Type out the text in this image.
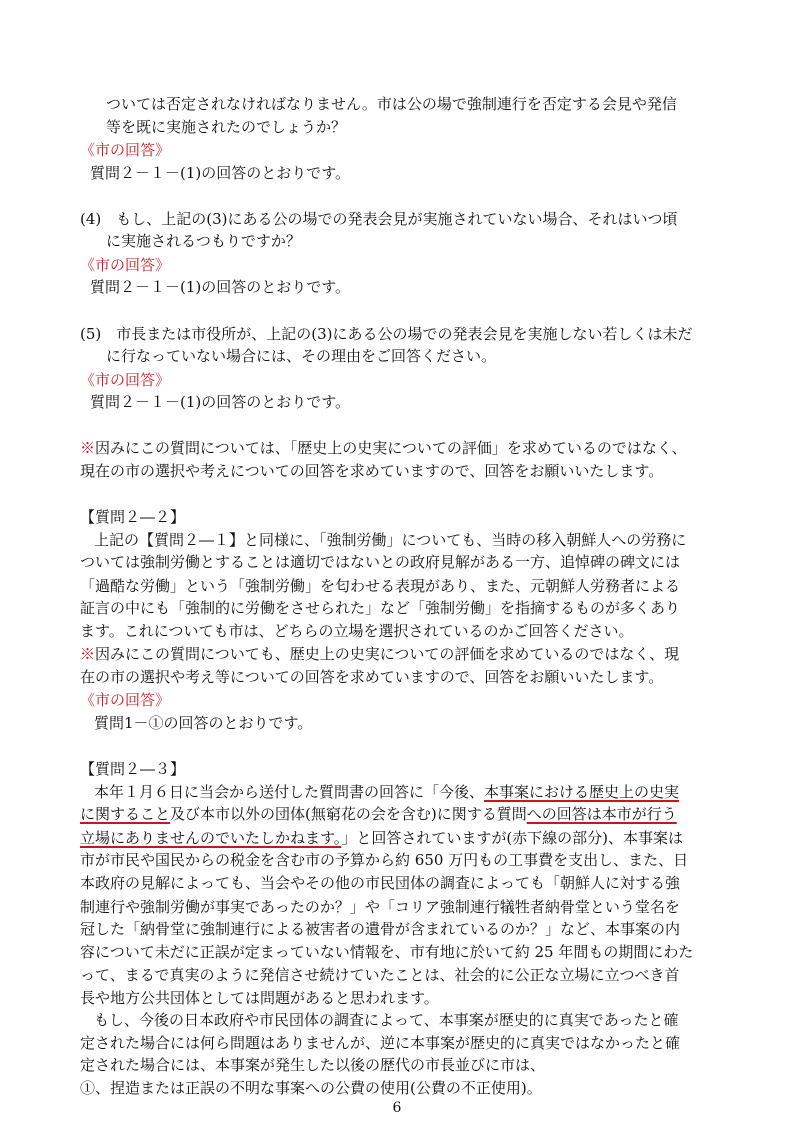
ついては否定されなければなりません。市は公の場で強制連行を否定する会見や発信
等を既に実施されたのでしょうか？
《市の回答》
質問２－１－(1)の回答のとおりです。
(4)　もし、上記の(3)にある公の場での発表会見が実施されていない場合、それはいつ頃
に実施されるつもりですか？
《市の回答》
質問２－１－(1)の回答のとおりです。
(5)　市長または市役所が、上記の(3)にある公の場での発表会見を実施しない若しくは未だ
に行なっていない場合には、その理由をご回答ください。
《市の回答》
質問２－１－(1)の回答のとおりです。
※因みにこの質問については、「歴史上の史実についての評価」を求めているのではなく、
現在の市の選択や考えについての回答を求めていますので、回答をお願いいたします。
【質問２―２】
上記の【質問２―１】と同様に、「強制労働」についても、当時の移入朝鮮人への労務に
ついては強制労働とすることは適切ではないとの政府見解がある一方、追悼碑の碑文には
「過酷な労働」という「強制労働」を匂わせる表現があり、また、元朝鮮人労務者による
証言の中にも「強制的に労働をさせられた」など「強制労働」を指摘するものが多くあり
ます。これについても市は、どちらの立場を選択されているのかご回答ください。
※因みにこの質問についても、歴史上の史実についての評価を求めているのではなく、現
在の市の選択や考え等についての回答を求めていますので、回答をお願いいたします。
《市の回答》
質問1－①の回答のとおりです。
【質問２―３】
本年１月６日に当会から送付した質問書の回答に「今後、本事案における歴史上の史実
に関すること及び本市以外の団体(無窮花の会を含む)に関する質問への回答は本市が行う
立場にありませんのでいたしかねます。」と回答されていますが(赤下線の部分)、本事案は
市が市民や国民からの税金を含む市の予算から約 650 万円もの工事費を支出し、また、日
本政府の見解によっても、当会やその他の市民団体の調査によっても「朝鮮人に対する強
制連行や強制労働が事実であったのか？」や「コリア強制連行犠牲者納骨堂という堂名を
冠した「納骨堂に強制連行による被害者の遺骨が含まれているのか？」など、本事案の内
容について未だに正誤が定まっていない情報を、市有地に於いて約 25 年間もの期間にわた
って、まるで真実のように発信させ続けていたことは、社会的に公正な立場に立つべき首
長や地方公共団体としては問題があると思われます。
もし、今後の日本政府や市民団体の調査によって、本事案が歴史的に真実であったと確
定された場合には何ら問題はありませんが、逆に本事案が歴史的に真実ではなかったと確
定された場合には、本事案が発生した以後の歴代の市長並びに市は、
①、捏造または正誤の不明な事案への公費の使用(公費の不正使用)。
6
